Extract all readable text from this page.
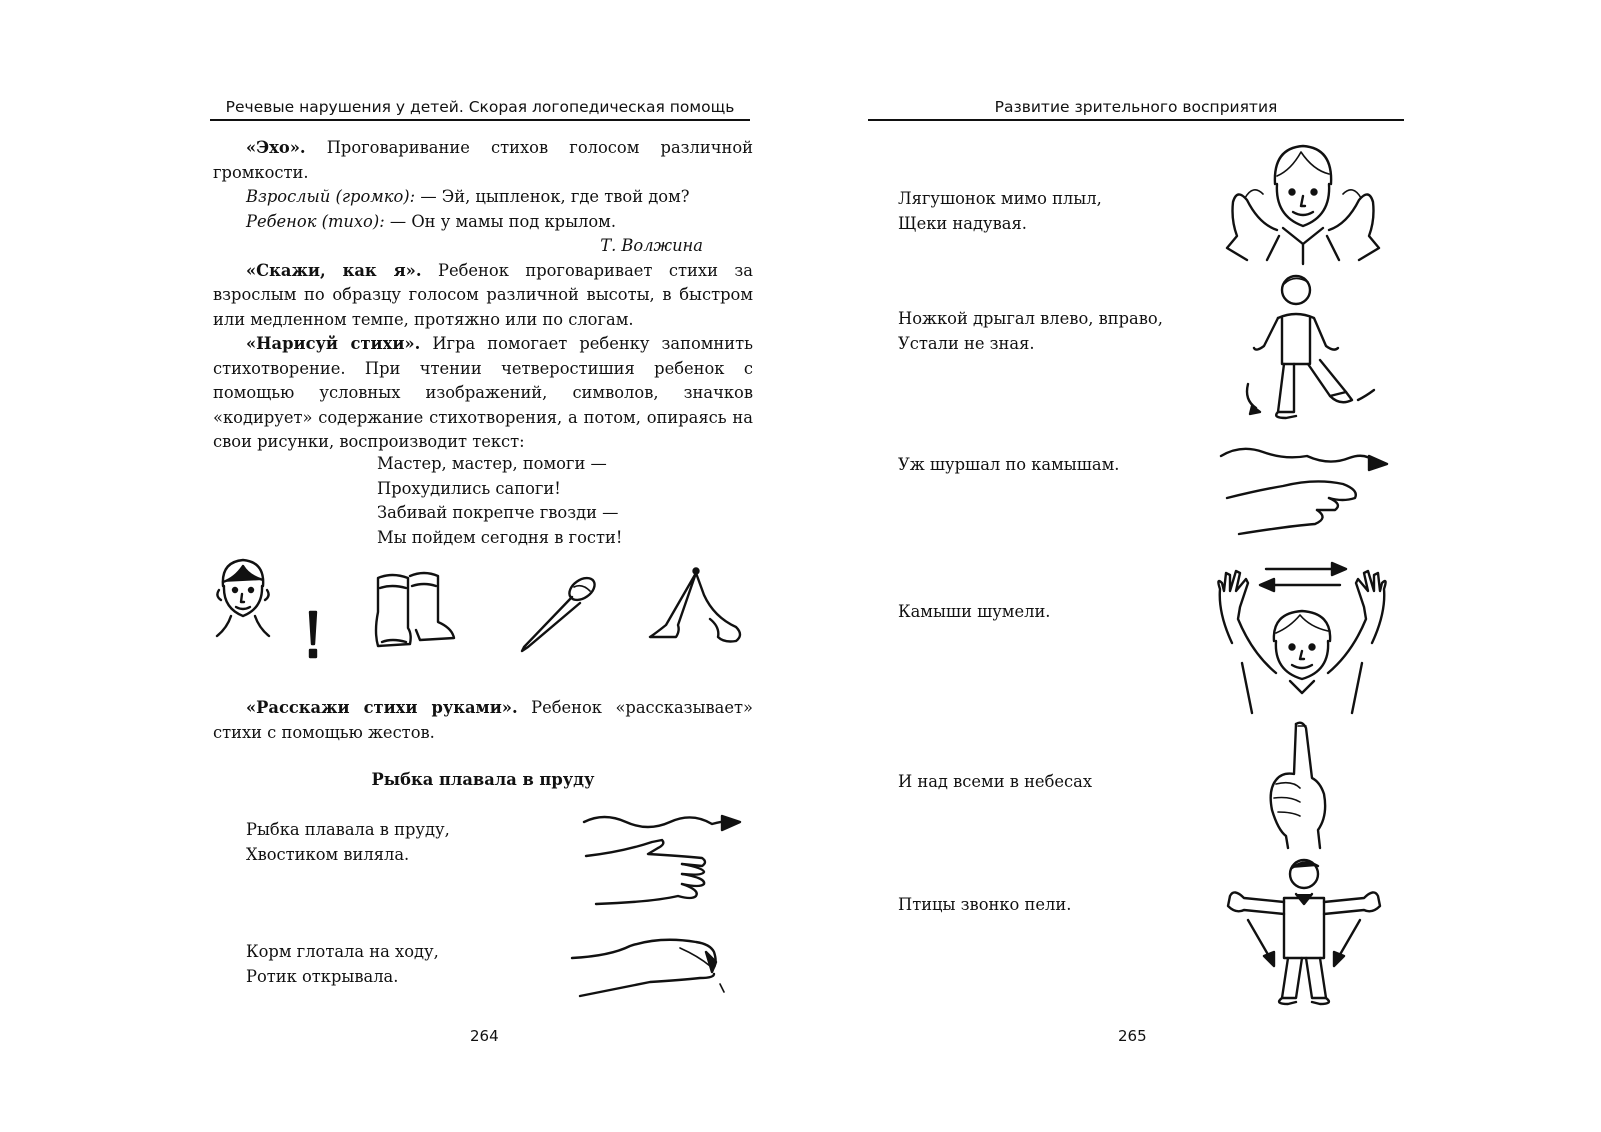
Речевые нарушения у детей. Скорая логопедическая помощь	Развитие зрительного восприятия

«Эхо». Проговаривание стихов голосом различной громкости.

Взрослый (громко): — Эй, цыпленок, где твой дом?

Ребенок (тихо): — Он у мамы под крылом.

Т. Волжина

«Скажи, как я». Ребенок проговаривает стихи за взрослым по образцу голосом различной высоты, в быстром или медленном темпе, протяжно или по слогам.

«Нарисуй стихи». Игра помогает ребенку запомнить стихотворение. При чтении четверостишия ребенок с помощью условных изображений, символов, значков «кодирует» содержание стихотворения, а потом, опираясь на свои рисунки, воспроизводит текст:

Мастер, мастер, помоги —
Прохудились сапоги!
Забивай покрепче гвозди —
Мы пойдем сегодня в гости!

«Расскажи стихи руками». Ребенок «рассказывает» стихи с помощью жестов.

Рыбка плавала в пруду
Рыбка плавала в пруду,
Хвостиком виляла.
Корм глотала на ходу,
Ротик открывала.
Лягушонок мимо плыл,
Щеки надувая.
Ножкой дрыгал влево, вправо,
Устали не зная.
Уж шуршал по камышам.
Камыши шумели.
И над всеми в небесах
Птицы звонко пели.
264	265
